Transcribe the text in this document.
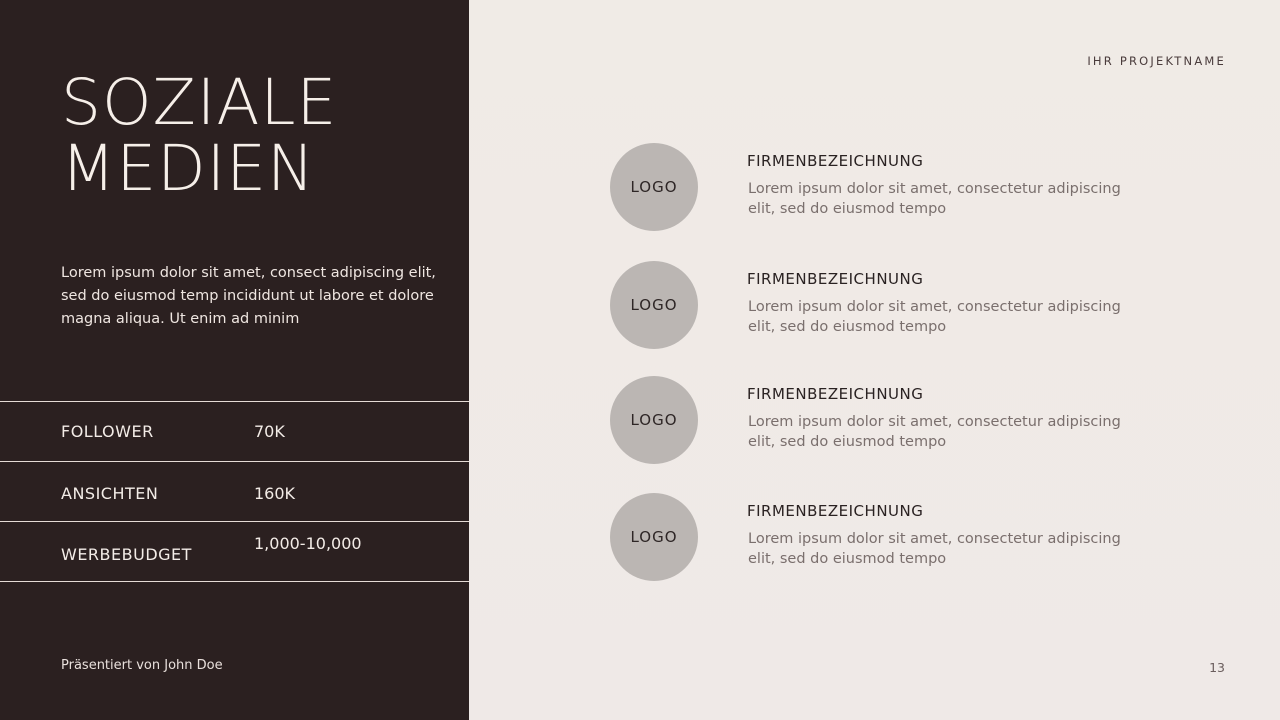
SOZIALE
MEDIEN

Lorem ipsum dolor sit amet, consect adipiscing elit, sed do eiusmod temp incididunt ut labore et dolore magna aliqua. Ut enim ad minim

FOLLOWER	70K
ANSICHTEN	160K
WERBEBUDGET
1,000-10,000
Präsentiert von John Doe
IHR PROJEKTNAME
LOGO
FIRMENBEZEICHNUNG

Lorem ipsum dolor sit amet, consectetur adipiscing elit, sed do eiusmod tempo

LOGO
FIRMENBEZEICHNUNG

Lorem ipsum dolor sit amet, consectetur adipiscing elit, sed do eiusmod tempo

LOGO
FIRMENBEZEICHNUNG

Lorem ipsum dolor sit amet, consectetur adipiscing elit, sed do eiusmod tempo

LOGO
FIRMENBEZEICHNUNG

Lorem ipsum dolor sit amet, consectetur adipiscing elit, sed do eiusmod tempo

13
